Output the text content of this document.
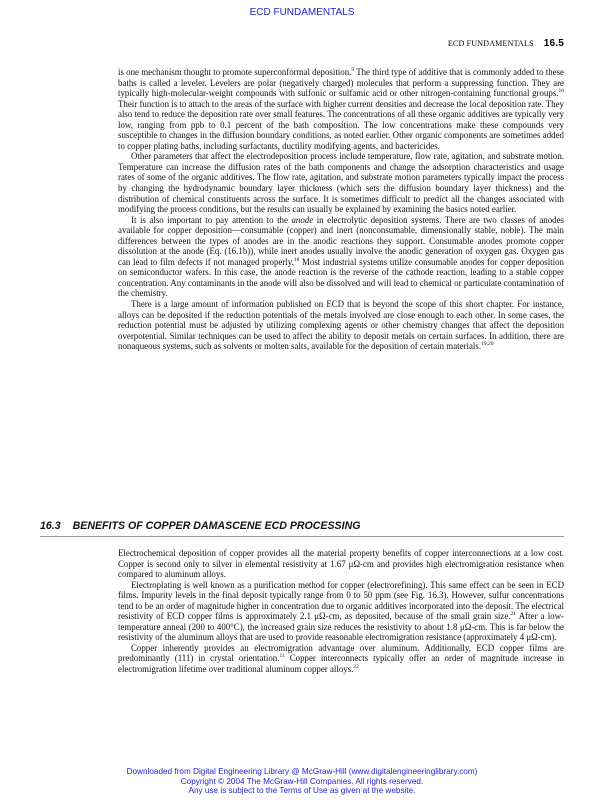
ECD FUNDAMENTALS
ECD FUNDAMENTALS 16.5

is one mechanism thought to promote superconformal deposition.$^9$ The third type of additive that is commonly added to these baths is called a leveler. Levelers are polar (negatively charged) molecules that perform a suppressing function. They are typically high-molecular-weight compounds with sulfonic or sulfamic acid or other nitrogen-containing functional groups.$^{16}$ Their function is to attach to the areas of the surface with higher current densities and decrease the local deposition rate. They also tend to reduce the deposition rate over small features. The concentrations of all these organic additives are typically very low, ranging from ppb to 0.1 percent of the bath composition. The low concentrations make these compounds very susceptible to changes in the diffusion boundary conditions, as noted earlier. Other organic components are sometimes added to copper plating baths, including surfactants, ductility modifying agents, and bactericides.

Other parameters that affect the electrodeposition process include temperature, flow rate, agitation, and substrate motion. Temperature can increase the diffusion rates of the bath components and change the adsorption characteristics and usage rates of some of the organic additives. The flow rate, agitation, and substrate motion parameters typically impact the process by changing the hydrodynamic boundary layer thickness (which sets the diffusion boundary layer thickness) and the distribution of chemical constituents across the surface. It is sometimes difficult to predict all the changes associated with modifying the process conditions, but the results can usually be explained by examining the basics noted earlier.

It is also important to pay attention to the anode in electrolytic deposition systems. There are two classes of anodes available for copper deposition—consumable (copper) and inert (nonconsumable, dimensionally stable, noble). The main differences between the types of anodes are in the anodic reactions they support. Consumable anodes promote copper dissolution at the anode (Eq. (16.1b)), while inert anodes usually involve the anodic generation of oxygen gas. Oxygen gas can lead to film defects if not managed properly.$^{18}$ Most industrial systems utilize consumable anodes for copper deposition on semiconductor wafers. In this case, the anode reaction is the reverse of the cathode reaction, leading to a stable copper concentration. Any contaminants in the anode will also be dissolved and will lead to chemical or particulate contamination of the chemistry.

There is a large amount of information published on ECD that is beyond the scope of this short chapter. For instance, alloys can be deposited if the reduction potentials of the metals involved are close enough to each other. In some cases, the reduction potential must be adjusted by utilizing complexing agents or other chemistry changes that affect the deposition overpotential. Similar techniques can be used to affect the ability to deposit metals on certain surfaces. In addition, there are nonaqueous systems, such as solvents or molten salts, available for the deposition of certain materials.$^{19,20}$

16.3 BENEFITS OF COPPER DAMASCENE ECD PROCESSING

Electrochemical deposition of copper provides all the material property benefits of copper interconnections at a low cost. Copper is second only to silver in elemental resistivity at 1.67 μΩ-cm and provides high electromigration resistance when compared to aluminum alloys.

Electroplating is well known as a purification method for copper (electrorefining). This same effect can be seen in ECD films. Impurity levels in the final deposit typically range from 0 to 50 ppm (see Fig. 16.3). However, sulfur concentrations tend to be an order of magnitude higher in concentration due to organic additives incorporated into the deposit. The electrical resistivity of ECD copper films is approximately 2.1 μΩ-cm, as deposited, because of the small grain size.$^{21}$ After a low-temperature anneal (200 to 400°C), the increased grain size reduces the resistivity to about 1.8 μΩ-cm. This is far below the resistivity of the aluminum alloys that are used to provide reasonable electromigration resistance (approximately 4 μΩ-cm).

Copper inherently provides an electromigration advantage over aluminum. Additionally, ECD copper films are predominantly (111) in crystal orientation.$^{11}$ Copper interconnects typically offer an order of magnitude increase in electromigration lifetime over traditional aluminum copper alloys.$^{22}$

Downloaded from Digital Engineering Library @ McGraw-Hill (www.digitalengineeringlibrary.com)
Copyright © 2004 The McGraw-Hill Companies. All rights reserved.
Any use is subject to the Terms of Use as given at the website.
